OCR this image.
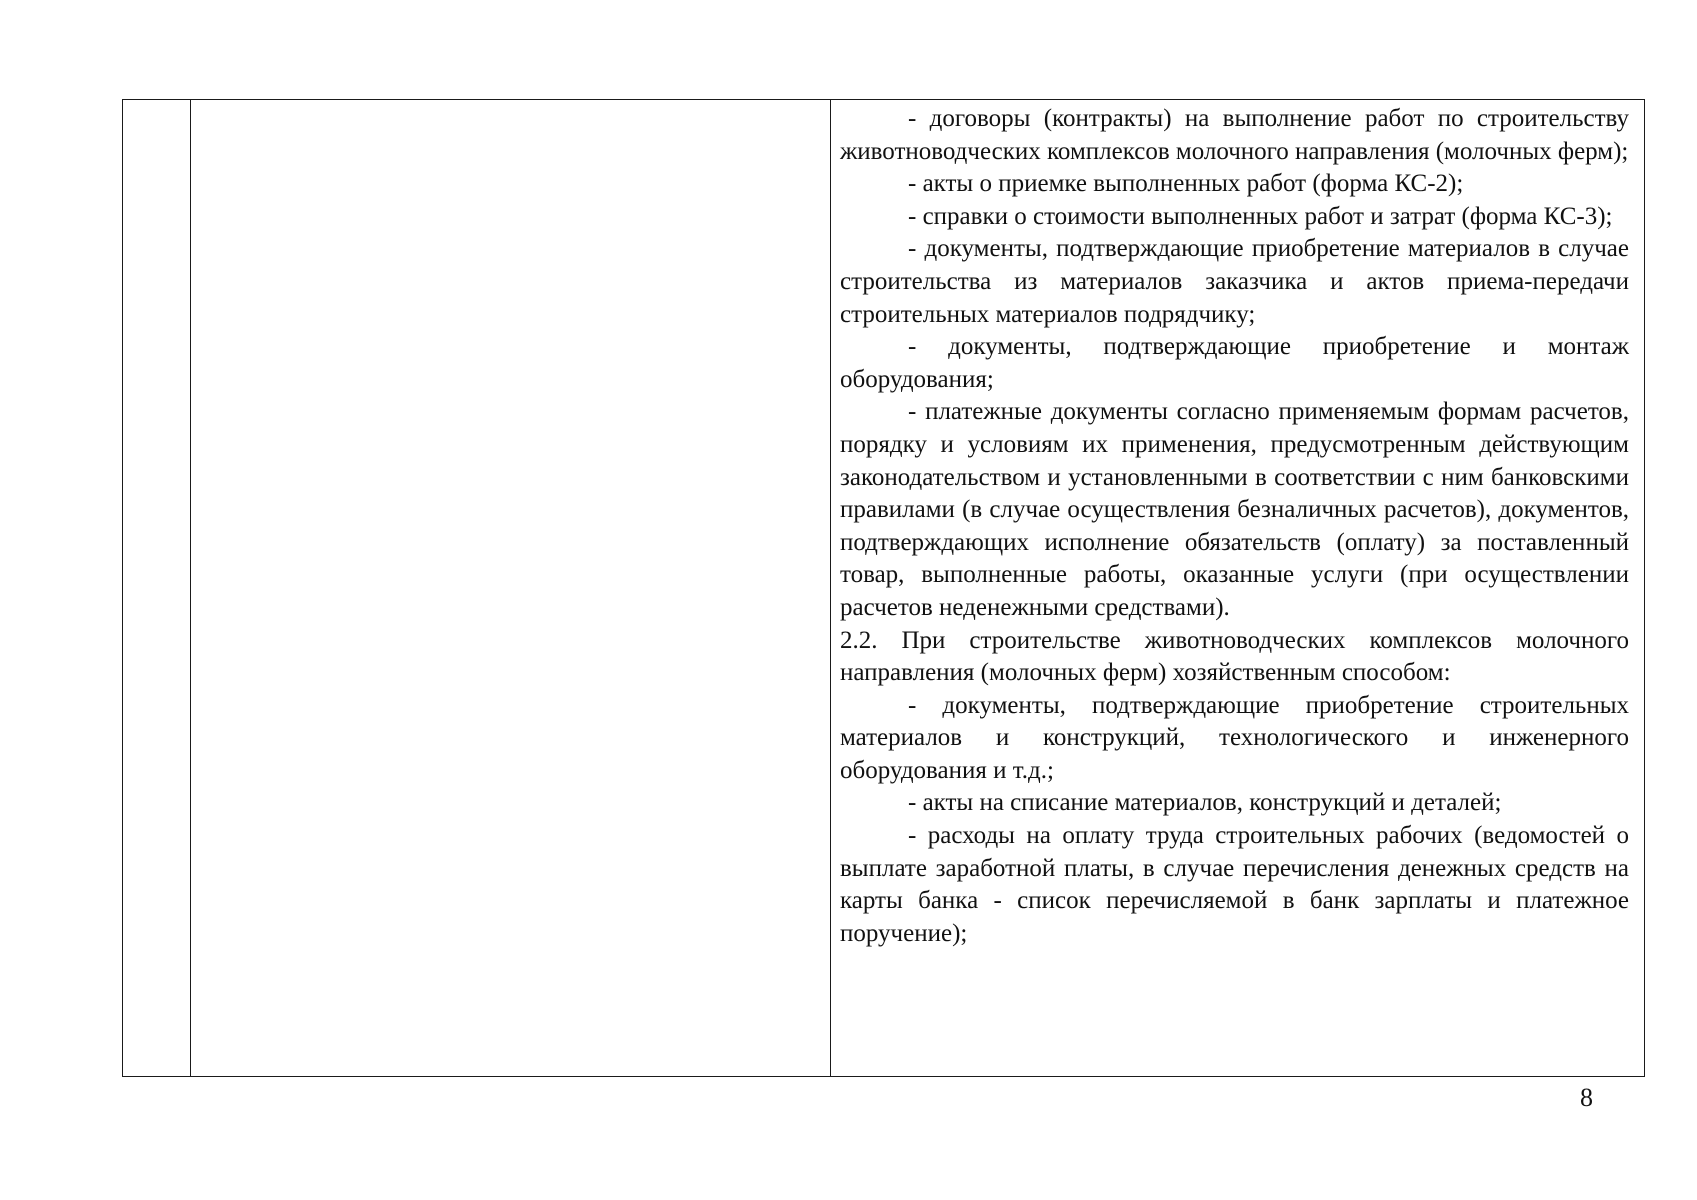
- договоры (контракты) на выполнение работ по строительству животноводческих комплексов молочного направления (молочных ферм);

- акты о приемке выполненных работ (форма КС-2);

- справки о стоимости выполненных работ и затрат (форма КС-3);

- документы, подтверждающие приобретение материалов в случае строительства из материалов заказчика и актов приема-передачи строительных материалов подрядчику;

- документы, подтверждающие приобретение и монтаж оборудования;

- платежные документы согласно применяемым формам расчетов, порядку и условиям их применения, предусмотренным действующим законодательством и установленными в соответствии с ним банковскими правилами (в случае осуществления безналичных расчетов), документов, подтверждающих исполнение обязательств (оплату) за поставленный товар, выполненные работы, оказанные услуги (при осуществлении расчетов неденежными средствами).

2.2. При строительстве животноводческих комплексов молочного направления (молочных ферм) хозяйственным способом:

- документы, подтверждающие приобретение строительных материалов и конструкций, технологического и инженерного оборудования и т.д.;

- акты на списание материалов, конструкций и деталей;

- расходы на оплату труда строительных рабочих (ведомостей о выплате заработной платы, в случае перечисления денежных средств на карты банка - список перечисляемой в банк зарплаты и платежное поручение);

8
